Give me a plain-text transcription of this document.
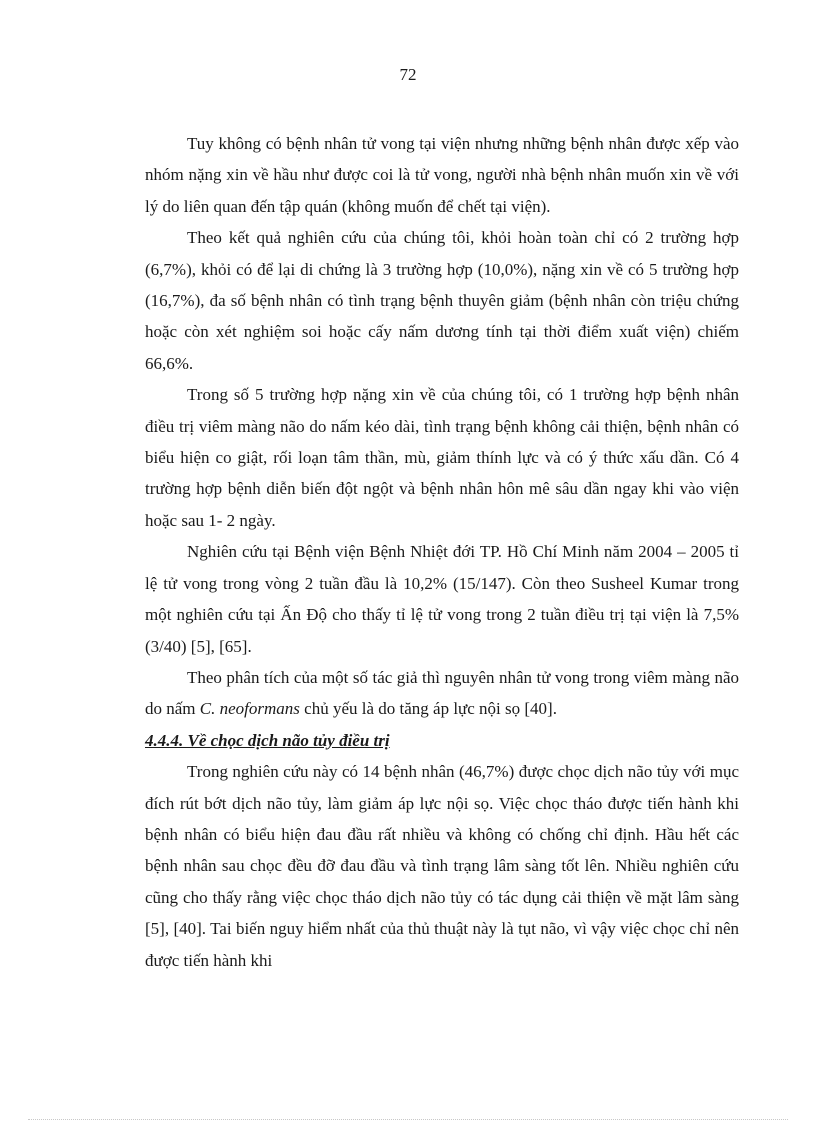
72

Tuy không có bệnh nhân tử vong tại viện nhưng những bệnh nhân được xếp vào nhóm nặng xin về hầu như được coi là tử vong, người nhà bệnh nhân muốn xin về với lý do liên quan đến tập quán (không muốn để chết tại viện).

Theo kết quả nghiên cứu của chúng tôi, khỏi hoàn toàn chỉ có 2 trường hợp (6,7%), khỏi có để lại di chứng là 3 trường hợp (10,0%), nặng xin về có 5 trường hợp (16,7%), đa số bệnh nhân có tình trạng bệnh thuyên giảm (bệnh nhân còn triệu chứng hoặc còn xét nghiệm soi hoặc cấy nấm dương tính tại thời điểm xuất viện) chiếm 66,6%.

Trong số 5 trường hợp nặng xin về của chúng tôi, có 1 trường hợp bệnh nhân điều trị viêm màng não do nấm kéo dài, tình trạng bệnh không cải thiện, bệnh nhân có biểu hiện co giật, rối loạn tâm thần, mù, giảm thính lực và có ý thức xấu dần. Có 4 trường hợp bệnh diễn biến đột ngột và bệnh nhân hôn mê sâu dần ngay khi vào viện hoặc sau 1- 2 ngày.

Nghiên cứu tại Bệnh viện Bệnh Nhiệt đới TP. Hồ Chí Minh năm 2004 – 2005 tỉ lệ tử vong trong vòng 2 tuần đầu là 10,2% (15/147). Còn theo Susheel Kumar trong một nghiên cứu tại Ấn Độ cho thấy tỉ lệ tử vong trong 2 tuần điều trị tại viện là 7,5% (3/40) [5], [65].

Theo phân tích của một số tác giả thì nguyên nhân tử vong trong viêm màng não do nấm C. neoformans chủ yếu là do tăng áp lực nội sọ [40].

4.4.4. Về chọc dịch não tủy điều trị

Trong nghiên cứu này có 14 bệnh nhân (46,7%) được chọc dịch não tủy với mục đích rút bớt dịch não tủy, làm giảm áp lực nội sọ. Việc chọc tháo được tiến hành khi bệnh nhân có biểu hiện đau đầu rất nhiều và không có chống chỉ định. Hầu hết các bệnh nhân sau chọc đều đỡ đau đầu và tình trạng lâm sàng tốt lên. Nhiều nghiên cứu cũng cho thấy rằng việc chọc tháo dịch não tủy có tác dụng cải thiện về mặt lâm sàng [5], [40]. Tai biến nguy hiểm nhất của thủ thuật này là tụt não, vì vậy việc chọc chỉ nên được tiến hành khi
